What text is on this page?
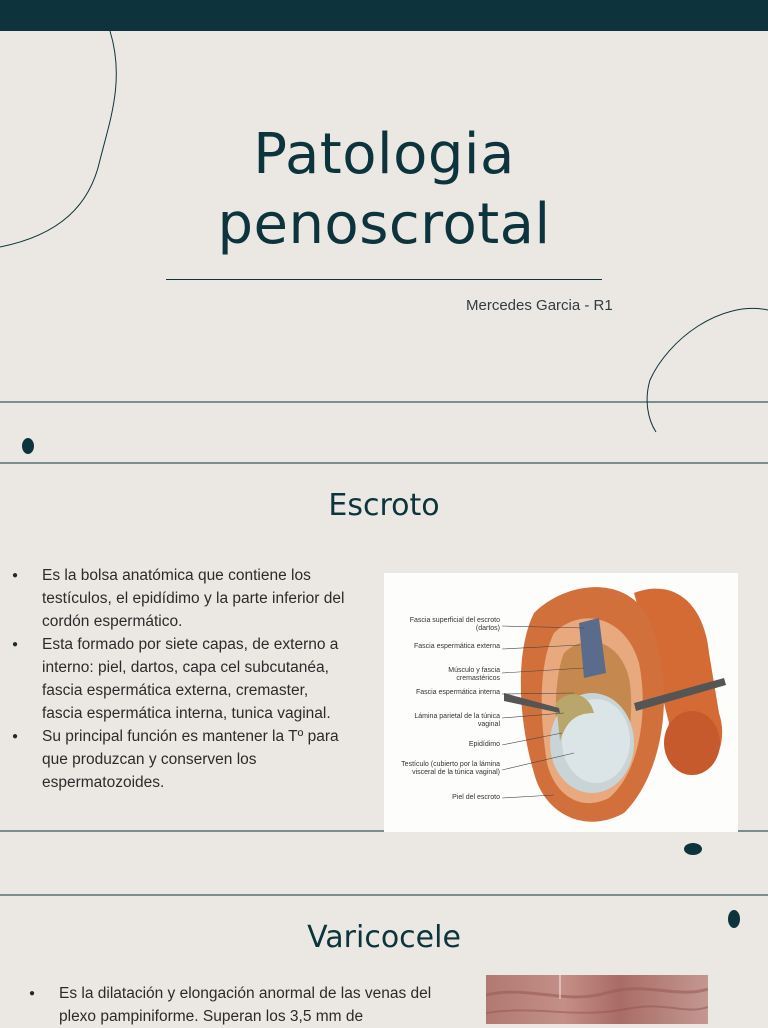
Patologia
penoscrotal
Mercedes Garcia - R1
Escroto
● Es la bolsa anatómica que contiene los testículos, el epidídimo y la parte inferior del cordón espermático.
● Esta formado por siete capas, de externo a interno: piel, dartos, capa cel subcutanéa, fascia espermática externa, cremaster, fascia espermática interna, tunica vaginal.
● Su principal función es mantener la Tº para que produzcan y conserven los espermatozoides.
Fascia superficial del escroto (dartos)
Fascia espermática externa
Músculo y fascia cremastéricos
Fascia espermática interna
Lámina parietal de la túnica vaginal
Epidídimo
Testículo (cubierto por la lámina visceral de la túnica vaginal)
Piel del escroto
Varicocele
● Es la dilatación y elongación anormal de las venas del plexo pampiniforme. Superan los 3,5 mm de
